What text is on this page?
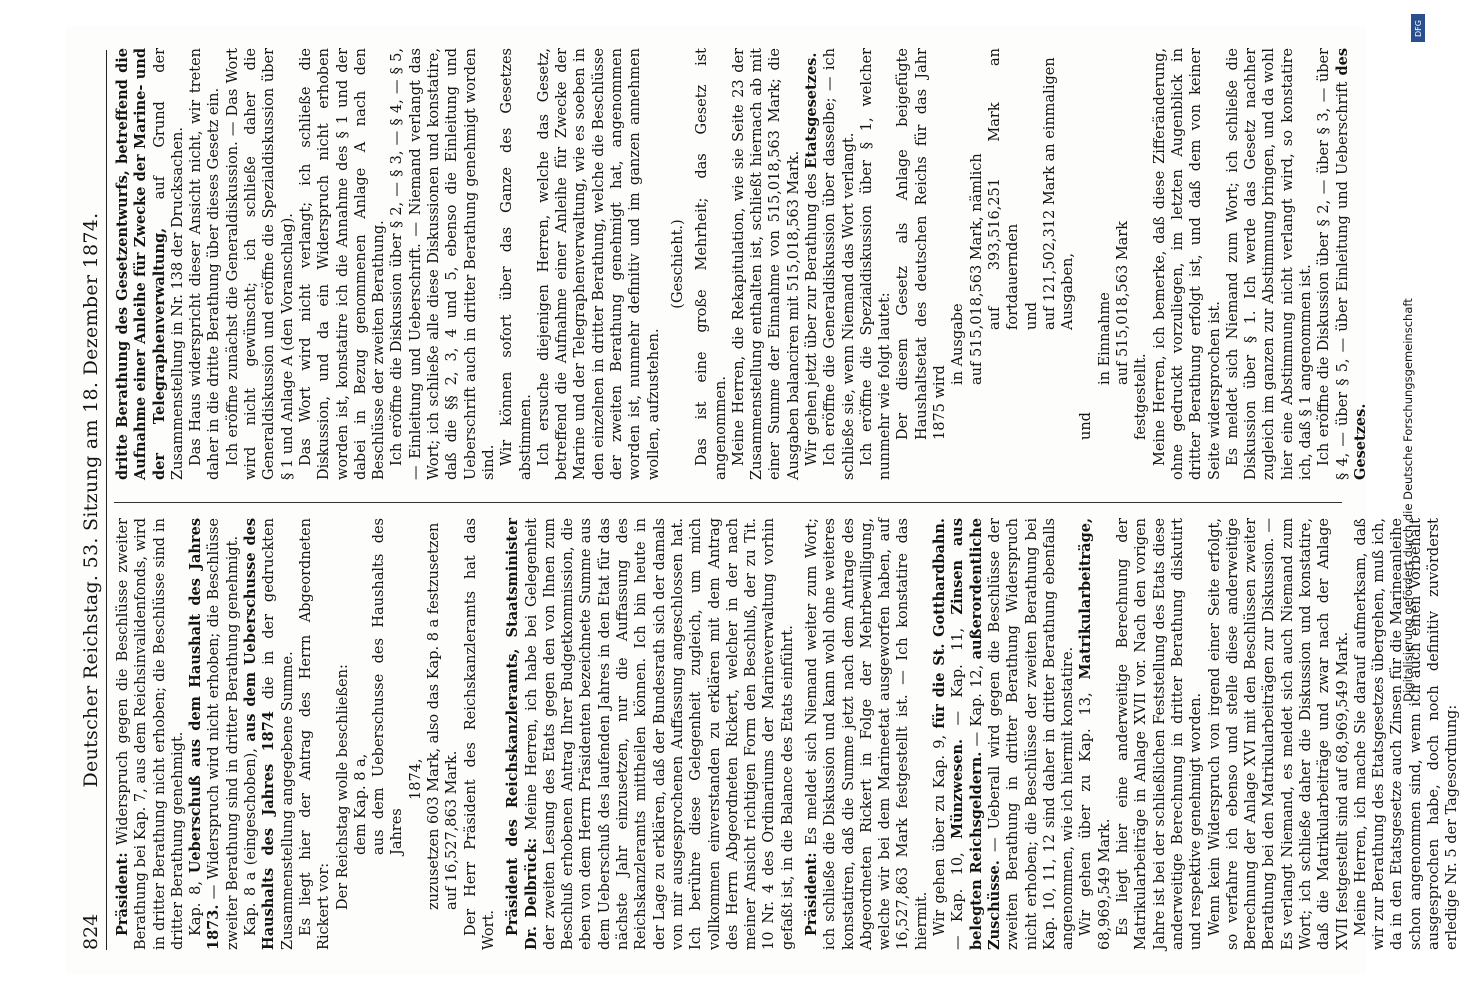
824
Deutscher Reichstag. 53. Sitzung am 18. Dezember 1874.

Präsident: Widerspruch gegen die Beschlüsse zweiter Berathung bei Kap. 7, aus dem Reichsinvalidenfonds, wird in dritter Berathung nicht erhoben; die Beschlüsse sind in dritter Berathung genehmigt. Kap. 8, Ueberschuß aus dem Haushalt des Jahres 1873. — Widerspruch wird nicht erhoben; die Beschlüsse zweiter Berathung sind in dritter Berathung genehmigt. Kap. 8 a (eingeschoben), aus dem Ueberschusse des Haushalts des Jahres 1874 die in der gedruckten Zusammenstellung angegebene Summe. Es liegt hier der Antrag des Herrn Abgeordneten Rickert vor: Der Reichstag wolle beschließen: dem Kap. 8 a, aus dem Ueberschusse des Haushalts des Jahres

1874, zuzusetzen 603 Mark, also das Kap. 8 a festzusetzen auf 16,527,863 Mark. Der Herr Präsident des Reichskanzleramts hat das Wort. Präsident des Reichskanzleramts, Staatsminister Dr. Delbrück: Meine Herren, ich habe bei Gelegenheit der zweiten Lesung des Etats gegen den von Ihnen zum Beschluß erhobenen Antrag Ihrer Budgetkommission, die eben von dem Herrn Präsidenten bezeichnete Summe aus dem Ueberschuß des laufenden Jahres in den Etat für das nächste Jahr einzusetzen, nur die Auffassung des Reichskanzleramts mittheilen können. Ich bin heute in der Lage zu erklären, daß der Bundesrath sich der damals von mir ausgesprochenen Auffassung angeschlossen hat. Ich berühre diese Gelegenheit zugleich, um mich vollkommen einverstanden zu erklären mit dem Antrag des Herrn Abgeordneten Rickert, welcher in der nach meiner Ansicht richtigen Form den Beschluß, der zu Tit. 10 Nr. 4 des Ordinariums der Marineverwaltung vorhin gefaßt ist, in die Balance des Etats einführt. Präsident: Es meldet sich Niemand weiter zum Wort; ich schließe die Diskussion und kann wohl ohne weiteres konstatiren, daß die Summe jetzt nach dem Antrage des Abgeordneten Rickert in Folge der Mehrbewilligung, welche wir bei dem Marineetat ausgeworfen haben, auf 16,527,863 Mark festgestellt ist. — Ich konstatire das hiermit. Wir gehen über zu Kap. 9, für die St. Gotthardbahn. — Kap. 10, Münzwesen. — Kap. 11, Zinsen aus belegten Reichsgeldern. — Kap. 12, außerordentliche Zuschüsse. — Ueberall wird gegen die Beschlüsse der zweiten Berathung in dritter Berathung Widerspruch nicht erhoben; die Beschlüsse der zweiten Berathung bei Kap. 10, 11, 12 sind daher in dritter Berathung ebenfalls angenommen, wie ich hiermit konstatire. Wir gehen über zu Kap. 13, Matrikularbeiträge, 68,969,549 Mark. Es liegt hier eine anderweitige Berechnung der Matrikularbeiträge in Anlage XVII vor. Nach den vorigen Jahre ist bei der schließlichen Feststellung des Etats diese anderweitige Berechnung in dritter Berathung diskutirt und respektive genehmigt worden. Wenn kein Widerspruch von irgend einer Seite erfolgt, so verfahre ich ebenso und stelle diese anderweitige Berechnung der Anlage XVI mit den Beschlüssen zweiter Berathung bei den Matrikularbeiträgen zur Diskussion. — Es verlangt Niemand, es meldet sich auch Niemand zum Wort; ich schließe daher die Diskussion und konstatire, daß die Matrikularbeiträge und zwar nach der Anlage XVII festgestellt sind auf 68,969,549 Mark. Meine Herren, ich mache Sie darauf aufmerksam, daß wir zur Berathung des Etatsgesetzes übergehen, muß ich, da in den Etatsgesetze auch Zinsen für die Marineanleihe schon angenommen sind, wenn ich auch einen Vorbehalt ausgesprochen habe, doch noch definitiv zuvörderst erledige Nr. 5 der Tagesordnung:

dritte Berathung des Gesetzentwurfs, betreffend die Aufnahme einer Anleihe für Zwecke der Marine- und der Telegraphenverwaltung, auf Grund der Zusammenstellung in Nr. 138 der Drucksachen. Das Haus widerspricht dieser Ansicht nicht, wir treten daher in die dritte Berathung über dieses Gesetz ein. Ich eröffne zunächst die Generaldiskussion. — Das Wort wird nicht gewünscht; ich schließe daher die Generaldiskussion und eröffne die Spezialdiskussion über § 1 und Anlage A (den Voranschlag). Das Wort wird nicht verlangt; ich schließe die Diskussion, und da ein Widerspruch nicht erhoben worden ist, konstatire ich die Annahme des § 1 und der dabei in Bezug genommenen Anlage A nach den Beschlüsse der zweiten Berathung. Ich eröffne die Diskussion über § 2, — § 3, — § 4, — § 5, — Einleitung und Ueberschrift. — Niemand verlangt das Wort; ich schließe alle diese Diskussionen und konstatire, daß die §§ 2, 3, 4 und 5, ebenso die Einleitung und Ueberschrift auch in dritter Berathung genehmigt worden sind. Wir können sofort über das Ganze des Gesetzes abstimmen. Ich ersuche diejenigen Herren, welche das Gesetz, betreffend die Aufnahme einer Anleihe für Zwecke der Marine und der Telegraphenverwaltung, wie es soeben in den einzelnen in dritter Berathung, welche die Beschlüsse der zweiten Berathung genehmigt hat, angenommen worden ist, nunmehr definitiv und im ganzen annehmen wollen, aufzustehen.

(Geschieht.) Das ist eine große Mehrheit; das Gesetz ist angenommen. Meine Herren, die Rekapitulation, wie sie Seite 23 der Zusammenstellung enthalten ist, schließt hiernach ab mit einer Summe der Einnahme von 515,018,563 Mark; die Ausgaben balanciren mit 515,018,563 Mark. Wir gehen jetzt über zur Berathung des Etatsgesetzes. Ich eröffne die Generaldiskussion über dasselbe; — ich schließe sie, wenn Niemand das Wort verlangt. Ich eröffne die Spezialdiskussion über § 1, welcher nunmehr wie folgt lautet: Der diesem Gesetz als Anlage beigefügte Haushaltsetat des deutschen Reichs für das Jahr 1875 wird

in Ausgabe auf 515,018,563 Mark, nämlich auf 393,516,251 Mark an fortdauernden und auf 121,502,312 Mark an einmaligen Ausgaben,

und

in Einnahme auf 515,018,563 Mark

festgestellt. Meine Herren, ich bemerke, daß diese Zifferänderung, ohne gedruckt vorzuliegen, im letzten Augenblick in dritter Berathung erfolgt ist, und daß dem von keiner Seite widersprochen ist. Es meldet sich Niemand zum Wort; ich schließe die Diskussion über § 1. Ich werde das Gesetz nachher zugleich im ganzen zur Abstimmung bringen, und da wohl hier eine Abstimmung nicht verlangt wird, so konstatire ich, daß § 1 angenommen ist. Ich eröffne die Diskussion über § 2, — über § 3, — über § 4, — über § 5, — über Einleitung und Ueberschrift des Gesetzes.	Digitalisierung gefördert durch die Deutsche Forschungsgemeinschaft
DFG
